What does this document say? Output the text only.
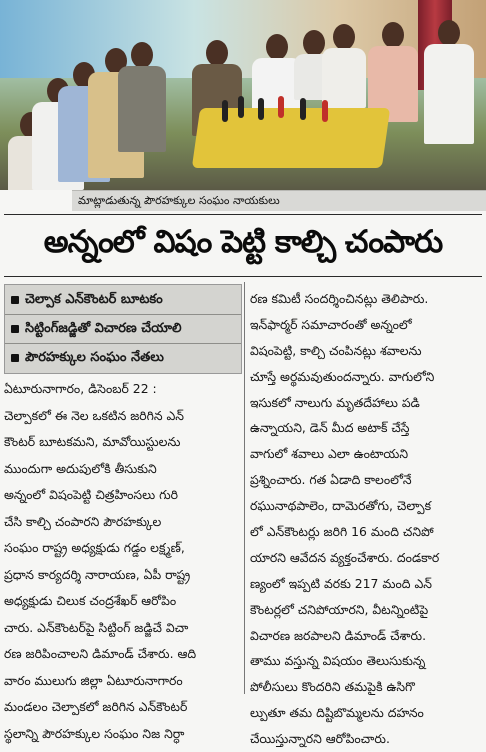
మాట్లాడుతున్న పౌరహక్కుల సంఘం నాయకులు
అన్నంలో విషం పెట్టి కాల్చి చంపారు
చెల్పాక ఎన్‌కౌంటర్ బూటకం
సిట్టింగ్‌జడ్జితో విచారణ చేయాలి
పౌరహక్కుల సంఘం నేతలు
ఏటూరునాగారం, డిసెంబర్ 22 :
చెల్పాకలో ఈ నెల ఒకటిన జరిగిన ఎన్
కౌంటర్ బూటకమని, మావోయిస్టులను
ముందుగా అదుపులోకి తీసుకుని
అన్నంలో విషంపెట్టి చిత్రహింసలు గురి
చేసి కాల్చి చంపారని పౌరహక్కుల
సంఘం రాష్ట్ర అధ్యక్షుడు గడ్డం లక్ష్మణ్,
ప్రధాన కార్యదర్శి నారాయణ, ఏపీ రాష్ట్ర
అధ్యక్షుడు చిలుక చంద్రశేఖర్ ఆరోపిం
చారు. ఎన్‌కౌంటర్‌పై సిట్టింగ్ జడ్జిచే విచా
రణ జరిపించాలని డిమాండ్ చేశారు. ఆది
వారం ములుగు జిల్లా ఏటూరునాగారం
మండలం చెల్పాకలో జరిగిన ఎన్‌కౌంటర్
స్థలాన్ని పౌరహక్కుల సంఘం నిజ నిర్ధా
రణ కమిటీ సందర్శించినట్లు తెలిపారు.
ఇన్‌ఫార్మర్ సమాచారంతో అన్నంలో
విషంపెట్టి, కాల్చి చంపినట్లు శవాలను
చూస్తే అర్థమవుతుందన్నారు. వాగులోని
ఇసుకలో నాలుగు మృతదేహాలు పడి
ఉన్నాయని, డెన్ మీద అటాక్ చేస్తే
వాగులో శవాలు ఎలా ఉంటాయని
ప్రశ్నించారు. గత ఏడాది కాలంలోనే
రఘునాథపాలెం, దామెరతోగు, చెల్పాక
లో ఎన్‌కౌంటర్లు జరిగి 16 మంది చనిపో
యారని ఆవేదన వ్యక్తంచేశారు. దండకార
ణ్యంలో ఇప్పటి వరకు 217 మంది ఎన్
కౌంటర్లలో చనిపోయారని, వీటన్నింటిపై
విచారణ జరపాలని డిమాండ్ చేశారు.
తాము వస్తున్న విషయం తెలుసుకున్న
పోలీసులు కొందరిని తమపైకి ఉసిగొ
ల్పుతూ తమ దిష్టిబొమ్మలను దహనం
చేయిస్తున్నారని ఆరోపించారు.
